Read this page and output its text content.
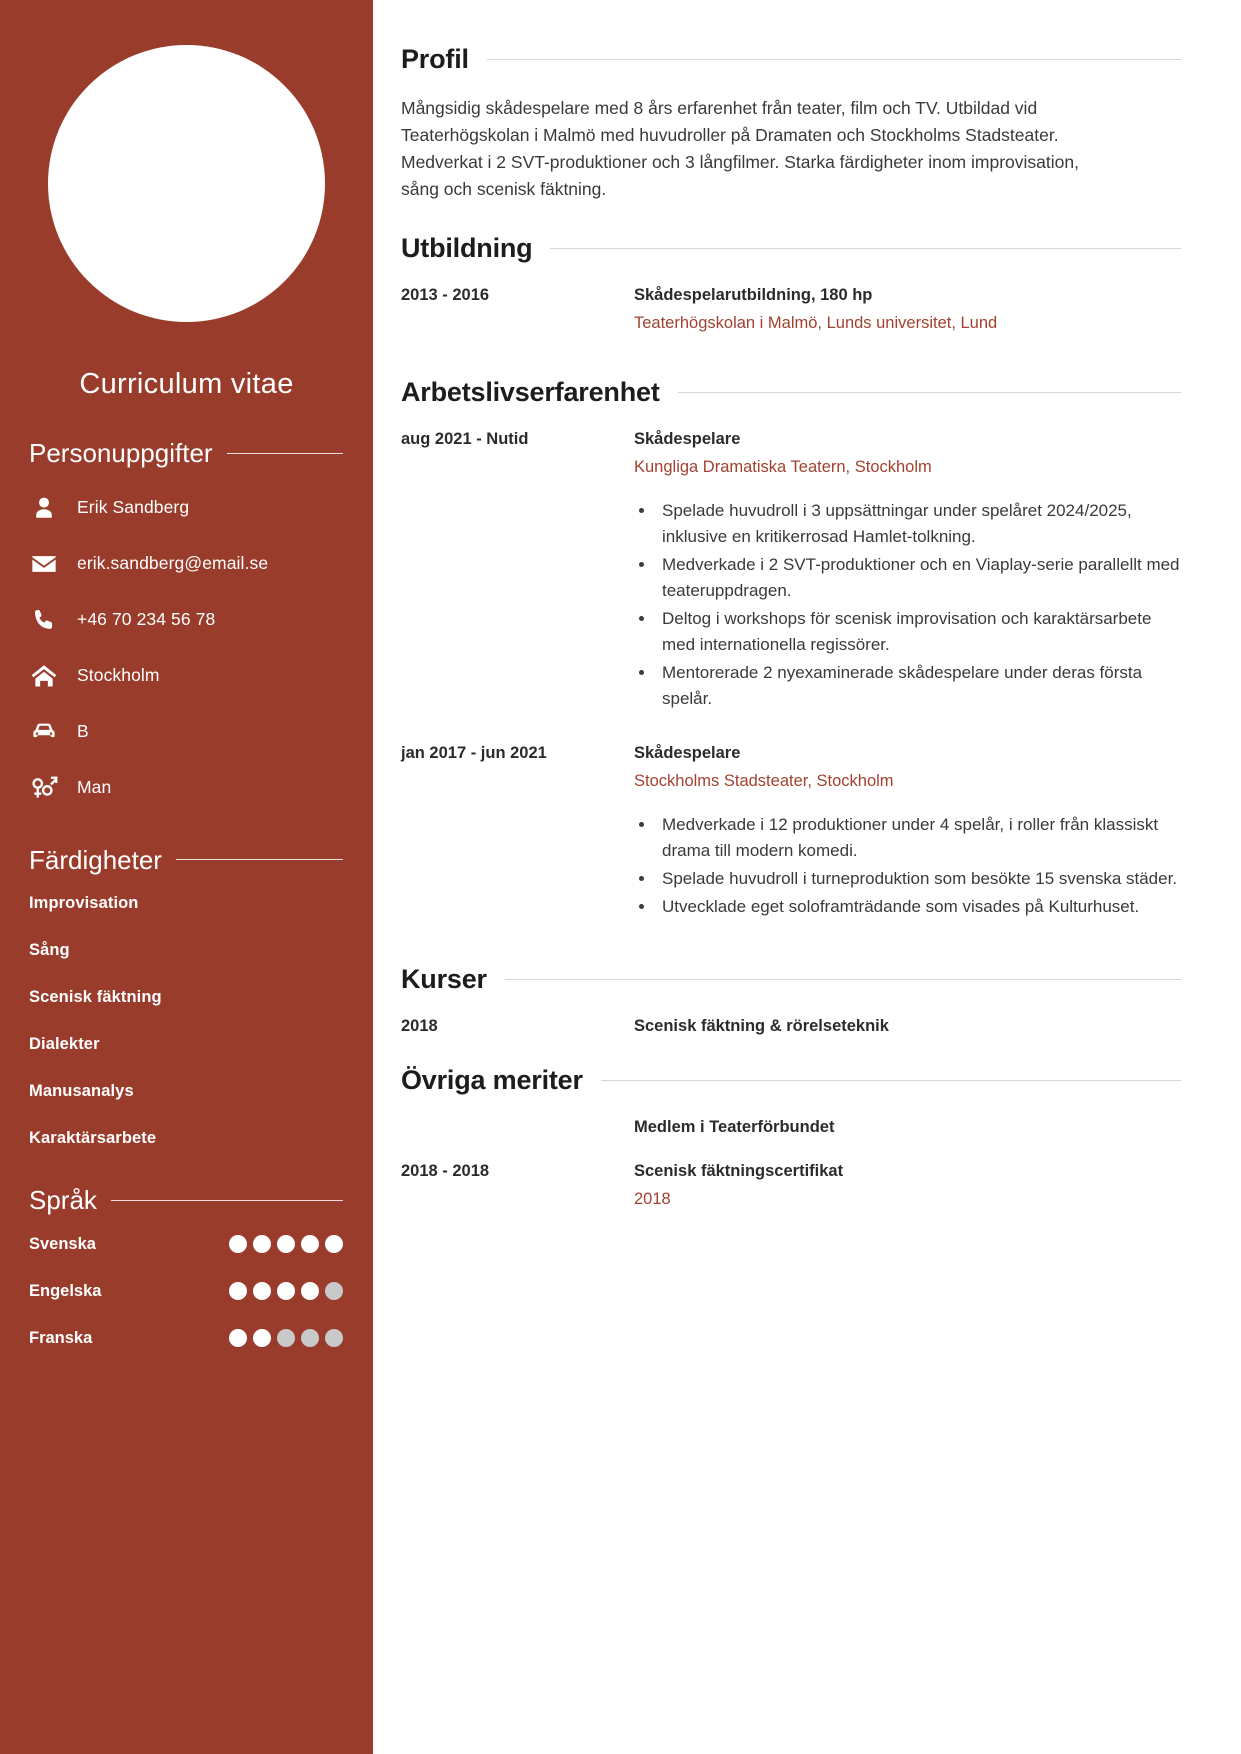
Curriculum vitae
Personuppgifter
Erik Sandberg
erik.sandberg@email.se
+46 70 234 56 78
Stockholm
B
Man
Färdigheter
Improvisation
Sång
Scenisk fäktning
Dialekter
Manusanalys
Karaktärsarbete
Språk
Svenska
Engelska
Franska
Profil

Mångsidig skådespelare med 8 års erfarenhet från teater, film och TV. Utbildad vid Teaterhögskolan i Malmö med huvudroller på Dramaten och Stockholms Stadsteater. Medverkat i 2 SVT-produktioner och 3 långfilmer. Starka färdigheter inom improvisation, sång och scenisk fäktning.

Utbildning
2013 - 2016	Skådespelarutbildning, 180 hp
Teaterhögskolan i Malmö, Lunds universitet, Lund
Arbetslivserfarenhet
aug 2021 - Nutid	Skådespelare
Kungliga Dramatiska Teatern, Stockholm
• Spelade huvudroll i 3 uppsättningar under spelåret 2024/2025, inklusive en kritikerrosad Hamlet-tolkning.
• Medverkade i 2 SVT-produktioner och en Viaplay-serie parallellt med teateruppdragen.
• Deltog i workshops för scenisk improvisation och karaktärsarbete med internationella regissörer.
• Mentorerade 2 nyexaminerade skådespelare under deras första spelår.
jan 2017 - jun 2021	Skådespelare
Stockholms Stadsteater, Stockholm
• Medverkade i 12 produktioner under 4 spelår, i roller från klassiskt drama till modern komedi.
• Spelade huvudroll i turneproduktion som besökte 15 svenska städer.
• Utvecklade eget soloframträdande som visades på Kulturhuset.
Kurser
2018	Scenisk fäktning & rörelseteknik
Övriga meriter
Medlem i Teaterförbundet
2018 - 2018	Scenisk fäktningscertifikat
2018
